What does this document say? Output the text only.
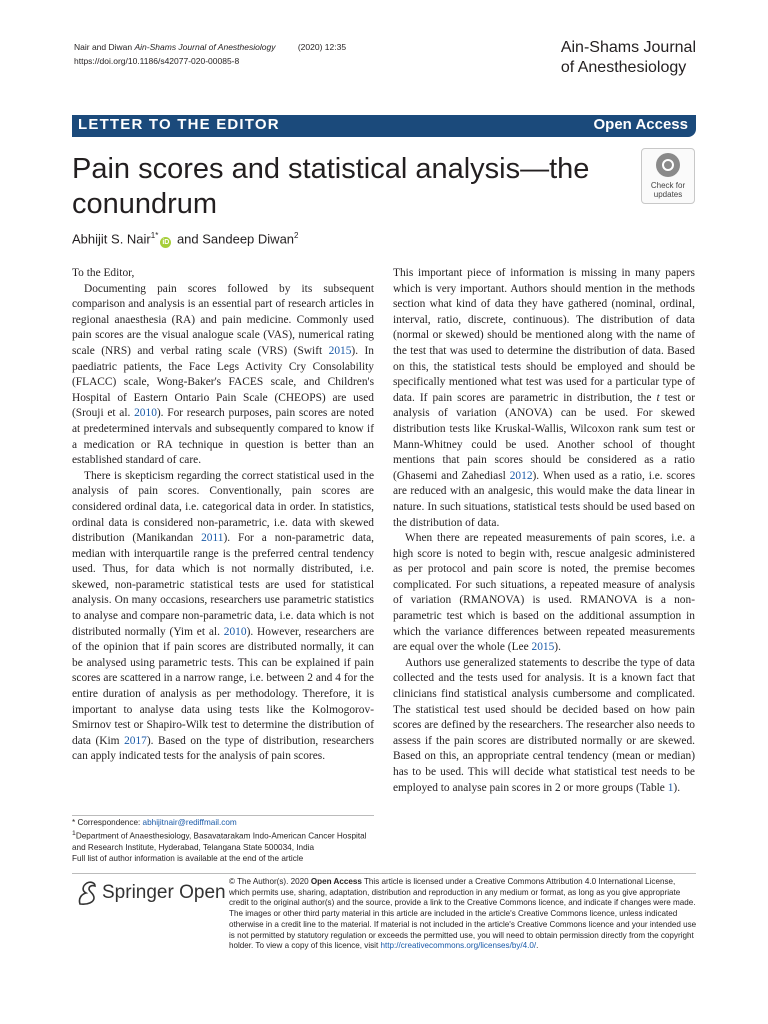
Nair and Diwan Ain-Shams Journal of Anesthesiology	(2020) 12:35
https://doi.org/10.1186/s42077-020-00085-8
Ain-Shams Journal
of Anesthesiology
LETTER TO THE EDITOR	Open Access
Pain scores and statistical analysis—the conundrum
Check for
updates
Abhijit S. Nair$^{1*}$iD and Sandeep Diwan$^2$

To the Editor,

Documenting pain scores followed by its subsequent comparison and analysis is an essential part of research articles in regional anaesthesia (RA) and pain medicine. Commonly used pain scores are the visual analogue scale (VAS), numerical rating scale (NRS) and verbal rating scale (VRS) (Swift 2015). In paediatric patients, the Face Legs Activity Cry Consolability (FLACC) scale, Wong-Baker's FACES scale, and Children's Hospital of Eastern Ontario Pain Scale (CHEOPS) are used (Srouji et al. 2010). For research purposes, pain scores are noted at predetermined intervals and subsequently compared to know if a medication or RA technique in question is better than an established standard of care.

There is skepticism regarding the correct statistical used in the analysis of pain scores. Conventionally, pain scores are considered ordinal data, i.e. categorical data in order. In statistics, ordinal data is considered non-parametric, i.e. data with skewed distribution (Manikandan 2011). For a non-parametric data, median with interquartile range is the preferred central tendency used. Thus, for data which is not normally distributed, i.e. skewed, non-parametric statistical tests are used for statistical analysis. On many occasions, researchers use parametric statistics to analyse and compare non-parametric data, i.e. data which is not distributed normally (Yim et al. 2010). However, researchers are of the opinion that if pain scores are distributed normally, it can be analysed using parametric tests. This can be explained if pain scores are scattered in a narrow range, i.e. between 2 and 4 for the entire duration of analysis as per methodology. Therefore, it is important to analyse data using tests like the Kolmogorov-Smirnov test or Shapiro-Wilk test to determine the distribution of data (Kim 2017). Based on the type of distribution, researchers can apply indicated tests for the analysis of pain scores.

This important piece of information is missing in many papers which is very important. Authors should mention in the methods section what kind of data they have gathered (nominal, ordinal, interval, ratio, discrete, continuous). The distribution of data (normal or skewed) should be mentioned along with the name of the test that was used to determine the distribution of data. Based on this, the statistical tests should be employed and should be specifically mentioned what test was used for a particular type of data. If pain scores are parametric in distribution, the t test or analysis of variation (ANOVA) can be used. For skewed distribution tests like Kruskal-Wallis, Wilcoxon rank sum test or Mann-Whitney could be used. Another school of thought mentions that pain scores should be considered as a ratio (Ghasemi and Zahediasl 2012). When used as a ratio, i.e. scores are reduced with an analgesic, this would make the data linear in nature. In such situations, statistical tests should be used based on the distribution of data.

When there are repeated measurements of pain scores, i.e. a high score is noted to begin with, rescue analgesic administered as per protocol and pain score is noted, the premise becomes complicated. For such situations, a repeated measure of analysis of variation (RMANOVA) is used. RMANOVA is a non-parametric test which is based on the additional assumption in which the variance differences between repeated measurements are equal over the whole (Lee 2015).

Authors use generalized statements to describe the type of data collected and the tests used for analysis. It is a known fact that clinicians find statistical analysis cumbersome and complicated. The statistical test used should be decided based on how pain scores are defined by the researchers. The researcher also needs to assess if the pain scores are distributed normally or are skewed. Based on this, an appropriate central tendency (mean or median) has to be used. This will decide what statistical test needs to be employed to analyse pain scores in 2 or more groups (Table 1).

* Correspondence: abhijitnair@rediffmail.com
$^1$Department of Anaesthesiology, Basavatarakam Indo-American Cancer Hospital and Research Institute, Hyderabad, Telangana State 500034, India
Full list of author information is available at the end of the article
Springer Open
© The Author(s). 2020 Open Access This article is licensed under a Creative Commons Attribution 4.0 International License, which permits use, sharing, adaptation, distribution and reproduction in any medium or format, as long as you give appropriate credit to the original author(s) and the source, provide a link to the Creative Commons licence, and indicate if changes were made. The images or other third party material in this article are included in the article's Creative Commons licence, unless indicated otherwise in a credit line to the material. If material is not included in the article's Creative Commons licence and your intended use is not permitted by statutory regulation or exceeds the permitted use, you will need to obtain permission directly from the copyright holder. To view a copy of this licence, visit http://creativecommons.org/licenses/by/4.0/.
